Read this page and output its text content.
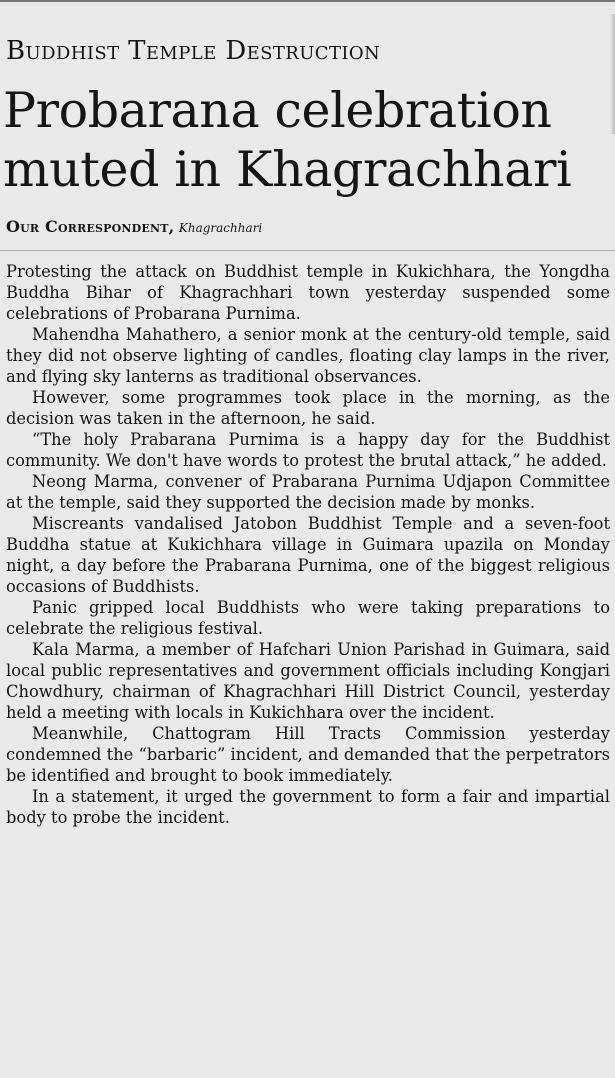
Buddhist Temple Destruction
Probarana celebration muted in Khagrachhari
Our Correspondent, Khagrachhari

Protesting the attack on Buddhist temple in Kukichhara, the Yongdha Buddha Bihar of Khagrachhari town yesterday suspended some celebrations of Probarana Purnima.

Mahendha Mahathero, a senior monk at the century-old temple, said they did not observe lighting of candles, floating clay lamps in the river, and flying sky lanterns as traditional observances.

However, some programmes took place in the morning, as the decision was taken in the afternoon, he said.

“The holy Prabarana Purnima is a happy day for the Buddhist community. We don't have words to protest the brutal attack,” he added.

Neong Marma, convener of Prabarana Purnima Udjapon Committee at the temple, said they supported the decision made by monks.

Miscreants vandalised Jatobon Buddhist Temple and a seven-foot Buddha statue at Kukichhara village in Guimara upazila on Monday night, a day before the Prabarana Purnima, one of the biggest religious occasions of Buddhists.

Panic gripped local Buddhists who were taking preparations to celebrate the religious festival.

Kala Marma, a member of Hafchari Union Parishad in Guimara, said local public representatives and government officials including Kongjari Chowdhury, chairman of Khagrachhari Hill District Council, yesterday held a meeting with locals in Kukichhara over the incident.

Meanwhile, Chattogram Hill Tracts Commission yesterday condemned the “barbaric” incident, and demanded that the perpetrators be identified and brought to book immediately.

In a statement, it urged the government to form a fair and impartial body to probe the incident.
